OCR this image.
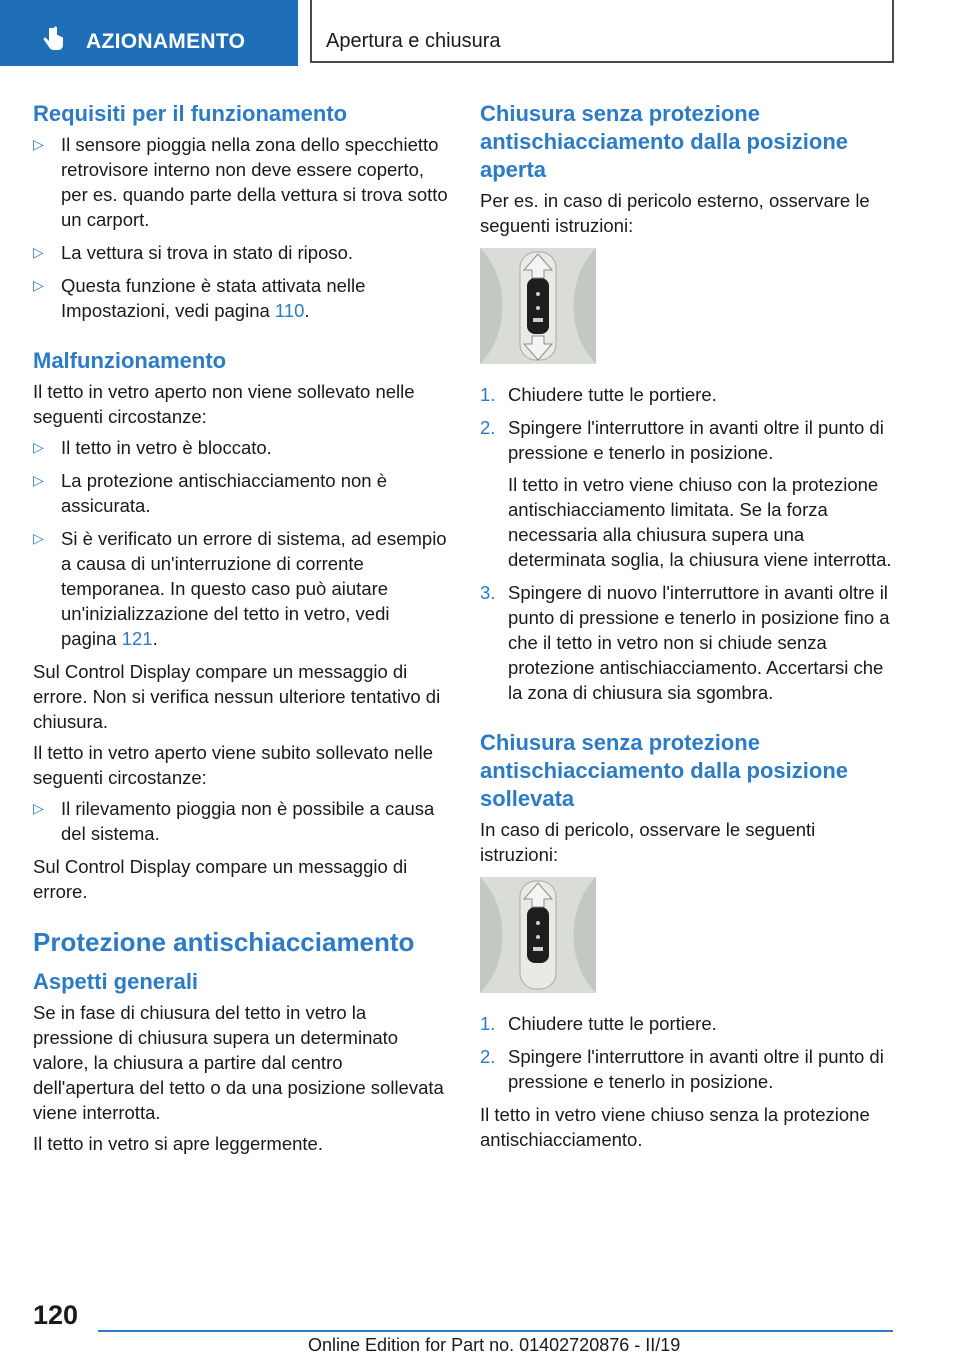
AZIONAMENTO	Apertura e chiusura
Requisiti per il funzionamento
▷ Il sensore pioggia nella zona dello specchietto retrovisore interno non deve essere coperto, per es. quando parte della vettura si trova sotto un carport.
▷ La vettura si trova in stato di riposo.
▷ Questa funzione è stata attivata nelle Impostazioni, vedi pagina 110.
Malfunzionamento

Il tetto in vetro aperto non viene sollevato nelle seguenti circostanze:

▷ Il tetto in vetro è bloccato.
▷ La protezione antischiacciamento non è assicurata.
▷ Si è verificato un errore di sistema, ad esempio a causa di un'interruzione di corrente temporanea. In questo caso può aiutare un'inizializzazione del tetto in vetro, vedi pagina 121.

Sul Control Display compare un messaggio di errore. Non si verifica nessun ulteriore tentativo di chiusura.

Il tetto in vetro aperto viene subito sollevato nelle seguenti circostanze:

▷ Il rilevamento pioggia non è possibile a causa del sistema.

Sul Control Display compare un messaggio di errore.

Protezione antischiacciamento
Aspetti generali

Se in fase di chiusura del tetto in vetro la pressione di chiusura supera un determinato valore, la chiusura a partire dal centro dell'apertura del tetto o da una posizione sollevata viene interrotta.

Il tetto in vetro si apre leggermente.

Chiusura senza protezione antischiacciamento dalla posizione aperta

Per es. in caso di pericolo esterno, osservare le seguenti istruzioni:

1. Chiudere tutte le portiere.
2. Spingere l'interruttore in avanti oltre il punto di pressione e tenerlo in posizione.
Il tetto in vetro viene chiuso con la protezione antischiacciamento limitata. Se la forza necessaria alla chiusura supera una determinata soglia, la chiusura viene interrotta.
3. Spingere di nuovo l'interruttore in avanti oltre il punto di pressione e tenerlo in posizione fino a che il tetto in vetro non si chiude senza protezione antischiacciamento. Accertarsi che la zona di chiusura sia sgombra.
Chiusura senza protezione antischiacciamento dalla posizione sollevata

In caso di pericolo, osservare le seguenti istruzioni:

1. Chiudere tutte le portiere.
2. Spingere l'interruttore in avanti oltre il punto di pressione e tenerlo in posizione.

Il tetto in vetro viene chiuso senza la protezione antischiacciamento.

120
Online Edition for Part no. 01402720876 - II/19
